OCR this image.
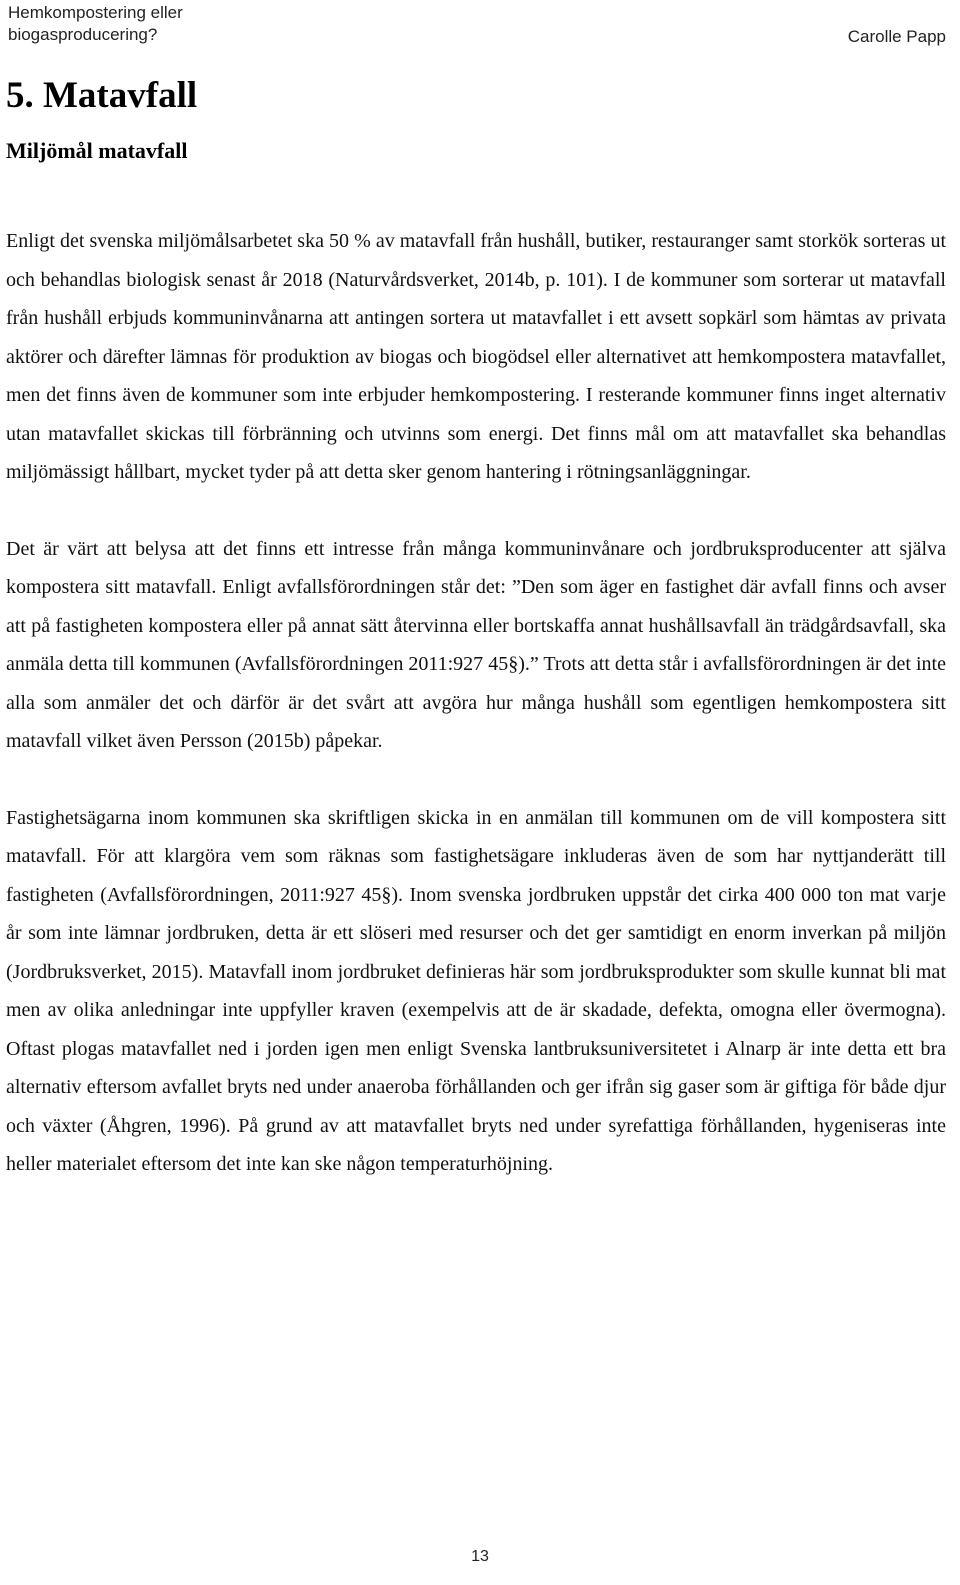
Hemkompostering eller biogasproducering?	Carolle Papp
5. Matavfall
Miljömål matavfall

Enligt det svenska miljömålsarbetet ska 50 % av matavfall från hushåll, butiker, restauranger samt storkök sorteras ut och behandlas biologisk senast år 2018 (Naturvårdsverket, 2014b, p. 101). I de kommuner som sorterar ut matavfall från hushåll erbjuds kommuninvånarna att antingen sortera ut matavfallet i ett avsett sopkärl som hämtas av privata aktörer och därefter lämnas för produktion av biogas och biogödsel eller alternativet att hemkompostera matavfallet, men det finns även de kommuner som inte erbjuder hemkompostering. I resterande kommuner finns inget alternativ utan matavfallet skickas till förbränning och utvinns som energi. Det finns mål om att matavfallet ska behandlas miljömässigt hållbart, mycket tyder på att detta sker genom hantering i rötningsanläggningar.

Det är värt att belysa att det finns ett intresse från många kommuninvånare och jordbruksproducenter att själva kompostera sitt matavfall. Enligt avfallsförordningen står det: ”Den som äger en fastighet där avfall finns och avser att på fastigheten kompostera eller på annat sätt återvinna eller bortskaffa annat hushållsavfall än trädgårdsavfall, ska anmäla detta till kommunen (Avfallsförordningen 2011:927 45§).” Trots att detta står i avfallsförordningen är det inte alla som anmäler det och därför är det svårt att avgöra hur många hushåll som egentligen hemkompostera sitt matavfall vilket även Persson (2015b) påpekar.

Fastighetsägarna inom kommunen ska skriftligen skicka in en anmälan till kommunen om de vill kompostera sitt matavfall. För att klargöra vem som räknas som fastighetsägare inkluderas även de som har nyttjanderätt till fastigheten (Avfallsförordningen, 2011:927 45§). Inom svenska jordbruken uppstår det cirka 400 000 ton mat varje år som inte lämnar jordbruken, detta är ett slöseri med resurser och det ger samtidigt en enorm inverkan på miljön (Jordbruksverket, 2015). Matavfall inom jordbruket definieras här som jordbruksprodukter som skulle kunnat bli mat men av olika anledningar inte uppfyller kraven (exempelvis att de är skadade, defekta, omogna eller övermogna). Oftast plogas matavfallet ned i jorden igen men enligt Svenska lantbruksuniversitetet i Alnarp är inte detta ett bra alternativ eftersom avfallet bryts ned under anaeroba förhållanden och ger ifrån sig gaser som är giftiga för både djur och växter (Åhgren, 1996). På grund av att matavfallet bryts ned under syrefattiga förhållanden, hygeniseras inte heller materialet eftersom det inte kan ske någon temperaturhöjning.

13
